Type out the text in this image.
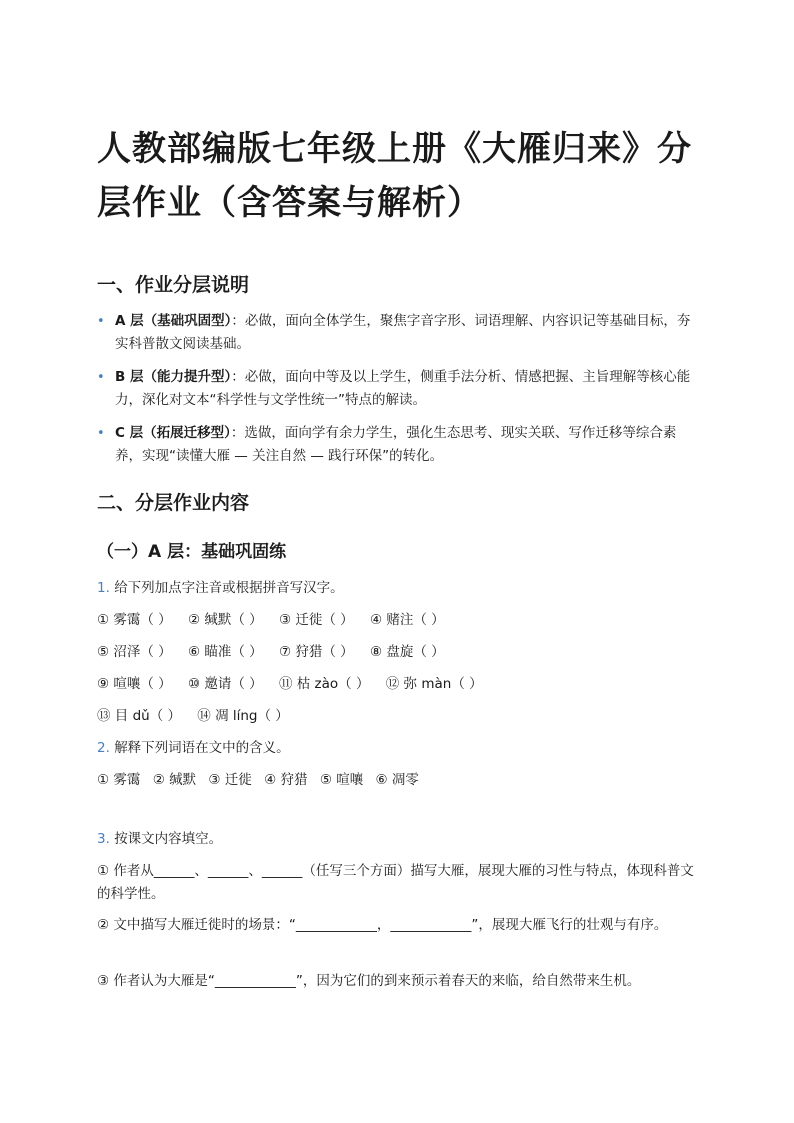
人教部编版七年级上册《大雁归来》分层作业（含答案与解析）
一、作业分层说明
• A 层（基础巩固型）：必做，面向全体学生，聚焦字音字形、词语理解、内容识记等基础目标，夯实科普散文阅读基础。
• B 层（能力提升型）：必做，面向中等及以上学生，侧重手法分析、情感把握、主旨理解等核心能力，深化对文本“科学性与文学性统一”特点的解读。
• C 层（拓展迁移型）：选做，面向学有余力学生，强化生态思考、现实关联、写作迁移等综合素养，实现“读懂大雁 — 关注自然 — 践行环保”的转化。
二、分层作业内容
（一）A 层：基础巩固练
1. 给下列加点字注音或根据拼音写汉字。
① 雾霭（ ） ② 缄默（ ） ③ 迁徙（ ） ④ 赌注（ ）
⑤ 沼泽（ ） ⑥ 瞄准（ ） ⑦ 狩猎（ ） ⑧ 盘旋（ ）
⑨ 喧嚷（ ） ⑩ 邀请（ ） ⑪ 枯 zào（ ） ⑫ 弥 màn（ ）
⑬ 目 dǔ（ ） ⑭ 凋 líng（ ）
2. 解释下列词语在文中的含义。
① 雾霭 ② 缄默 ③ 迁徙 ④ 狩猎 ⑤ 喧嚷 ⑥ 凋零
3. 按课文内容填空。
① 作者从______、______、______（任写三个方面）描写大雁，展现大雁的习性与特点，体现科普文的科学性。
② 文中描写大雁迁徙时的场景：“____________，____________”，展现大雁飞行的壮观与有序。
③ 作者认为大雁是“____________”，因为它们的到来预示着春天的来临，给自然带来生机。
